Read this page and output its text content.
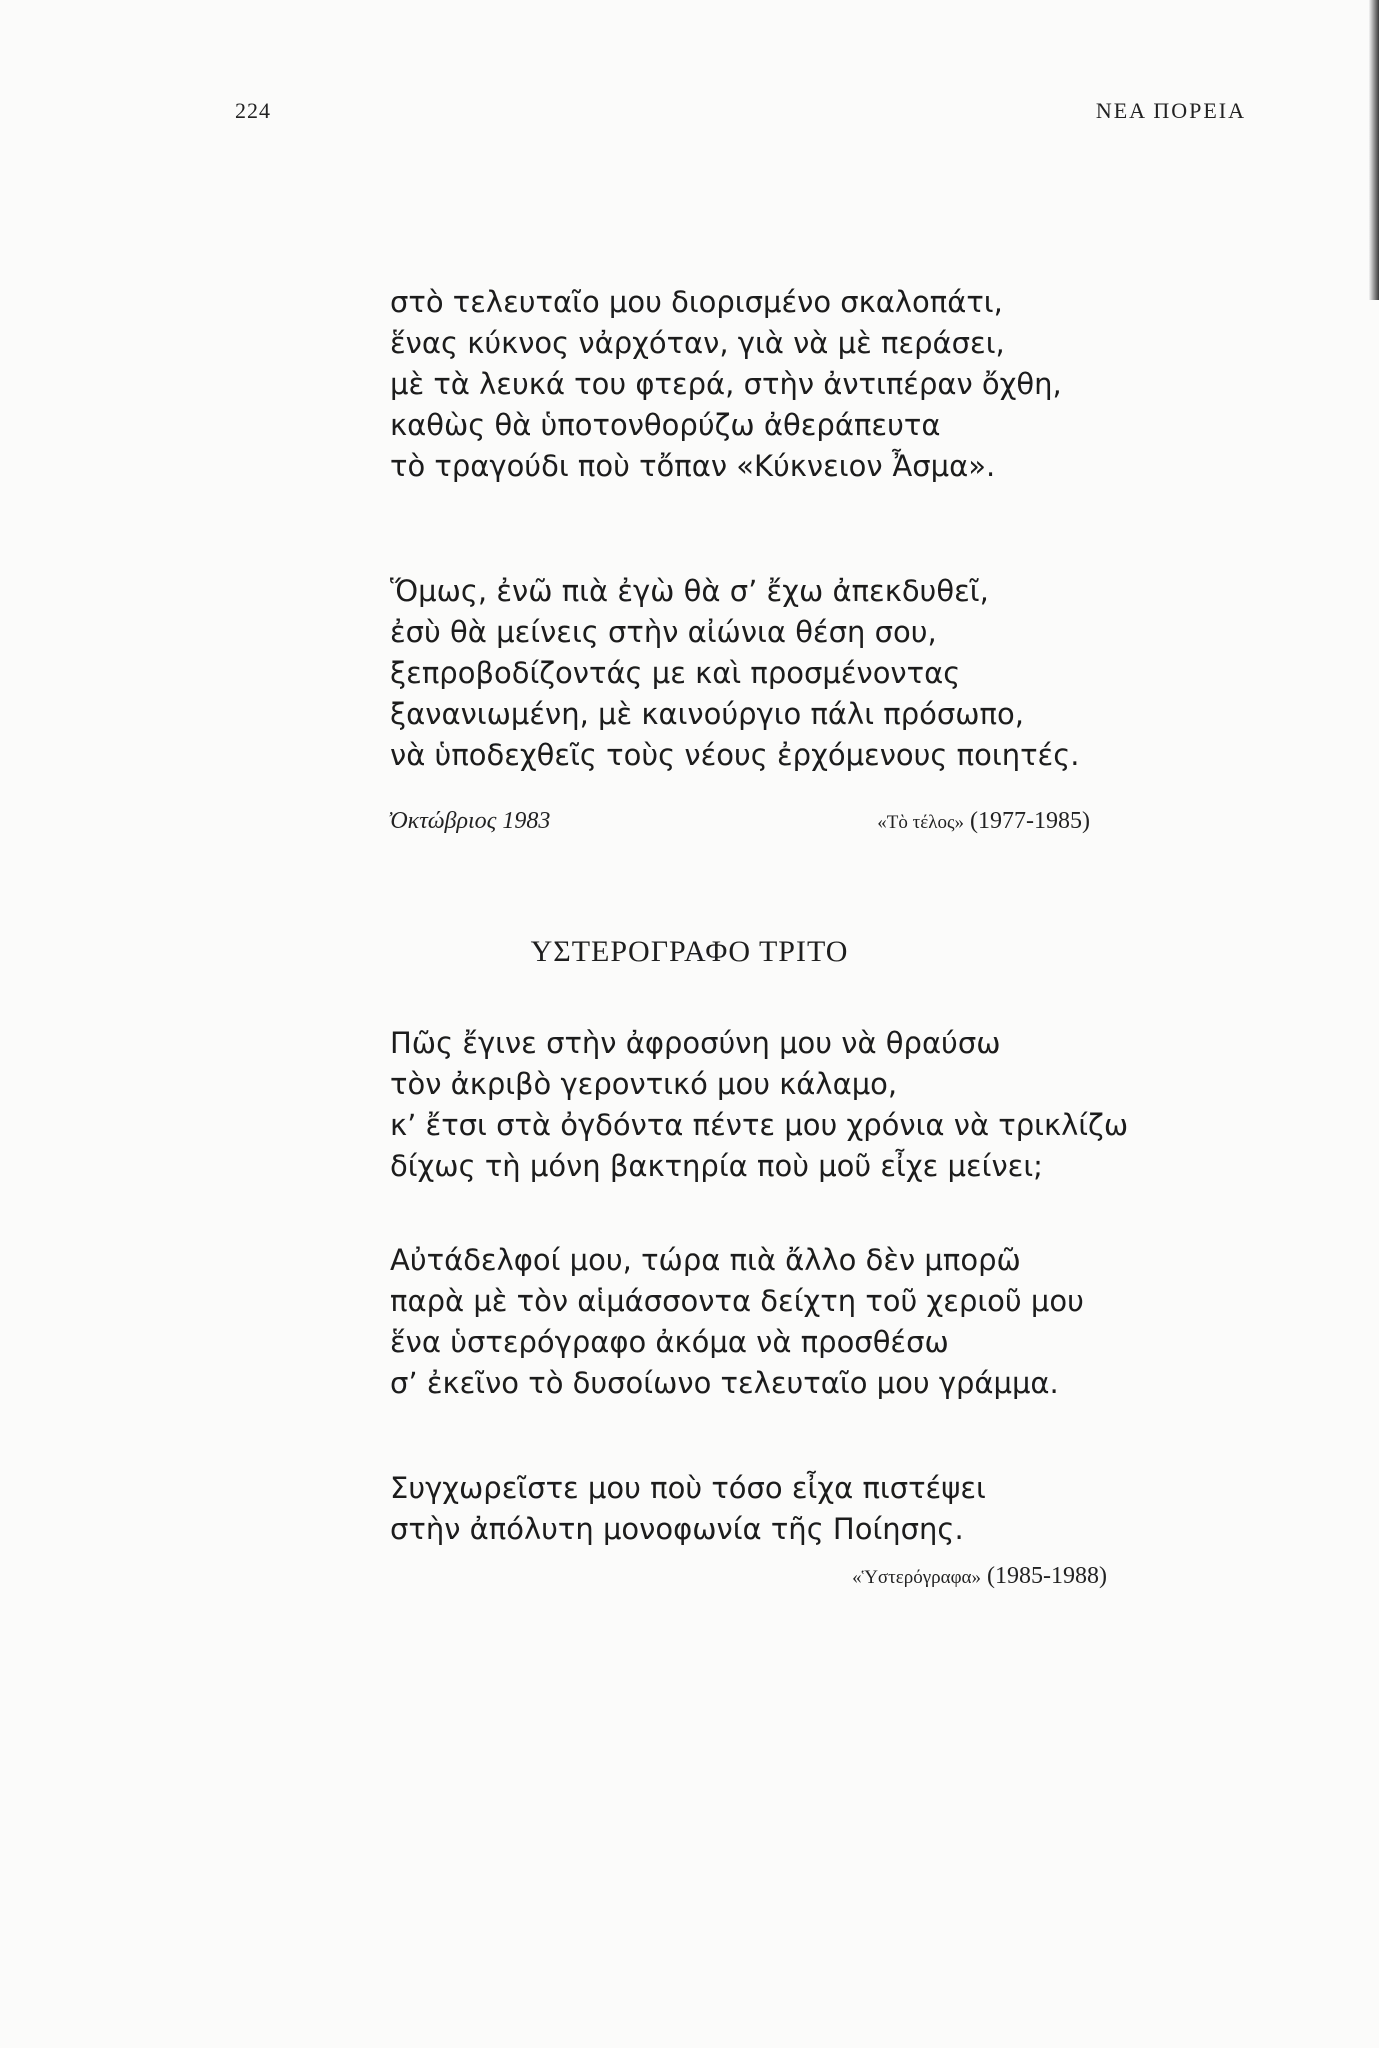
224	ΝΕΑ ΠΟΡΕΙΑ
στὸ τελευταῖο μου διορισμένο σκαλοπάτι,
ἕνας κύκνος νἀρχόταν, γιὰ νὰ μὲ περάσει,
μὲ τὰ λευκά του φτερά, στὴν ἀντιπέραν ὄχθη,
καθὼς θὰ ὑποτονθορύζω ἀθεράπευτα
τὸ τραγούδι ποὺ τὄπαν «Κύκνειον Ἆσμα».
Ὅμως, ἐνῶ πιὰ ἐγὼ θὰ σ’ ἔχω ἀπεκδυθεῖ,
ἐσὺ θὰ μείνεις στὴν αἰώνια θέση σου,
ξεπροβοδίζοντάς με καὶ προσμένοντας
ξανανιωμένη, μὲ καινούργιο πάλι πρόσωπο,
νὰ ὑποδεχθεῖς τοὺς νέους ἐρχόμενους ποιητές.
Ὀκτώβριος 1983	«Τὸ τέλος» (1977-1985)
ΥΣΤΕΡΟΓΡΑΦΟ ΤΡΙΤΟ
Πῶς ἔγινε στὴν ἀφροσύνη μου νὰ θραύσω
τὸν ἀκριβὸ γεροντικό μου κάλαμο,
κ’ ἔτσι στὰ ὀγδόντα πέντε μου χρόνια νὰ τρικλίζω
δίχως τὴ μόνη βακτηρία ποὺ μοῦ εἶχε μείνει;
Αὐτάδελφοί μου, τώρα πιὰ ἄλλο δὲν μπορῶ
παρὰ μὲ τὸν αἱμάσσοντα δείχτη τοῦ χεριοῦ μου
ἕνα ὑστερόγραφο ἀκόμα νὰ προσθέσω
σ’ ἐκεῖνο τὸ δυσοίωνο τελευταῖο μου γράμμα.
Συγχωρεῖστε μου ποὺ τόσο εἶχα πιστέψει
στὴν ἀπόλυτη μονοφωνία τῆς Ποίησης.
«Ὑστερόγραφα» (1985-1988)
